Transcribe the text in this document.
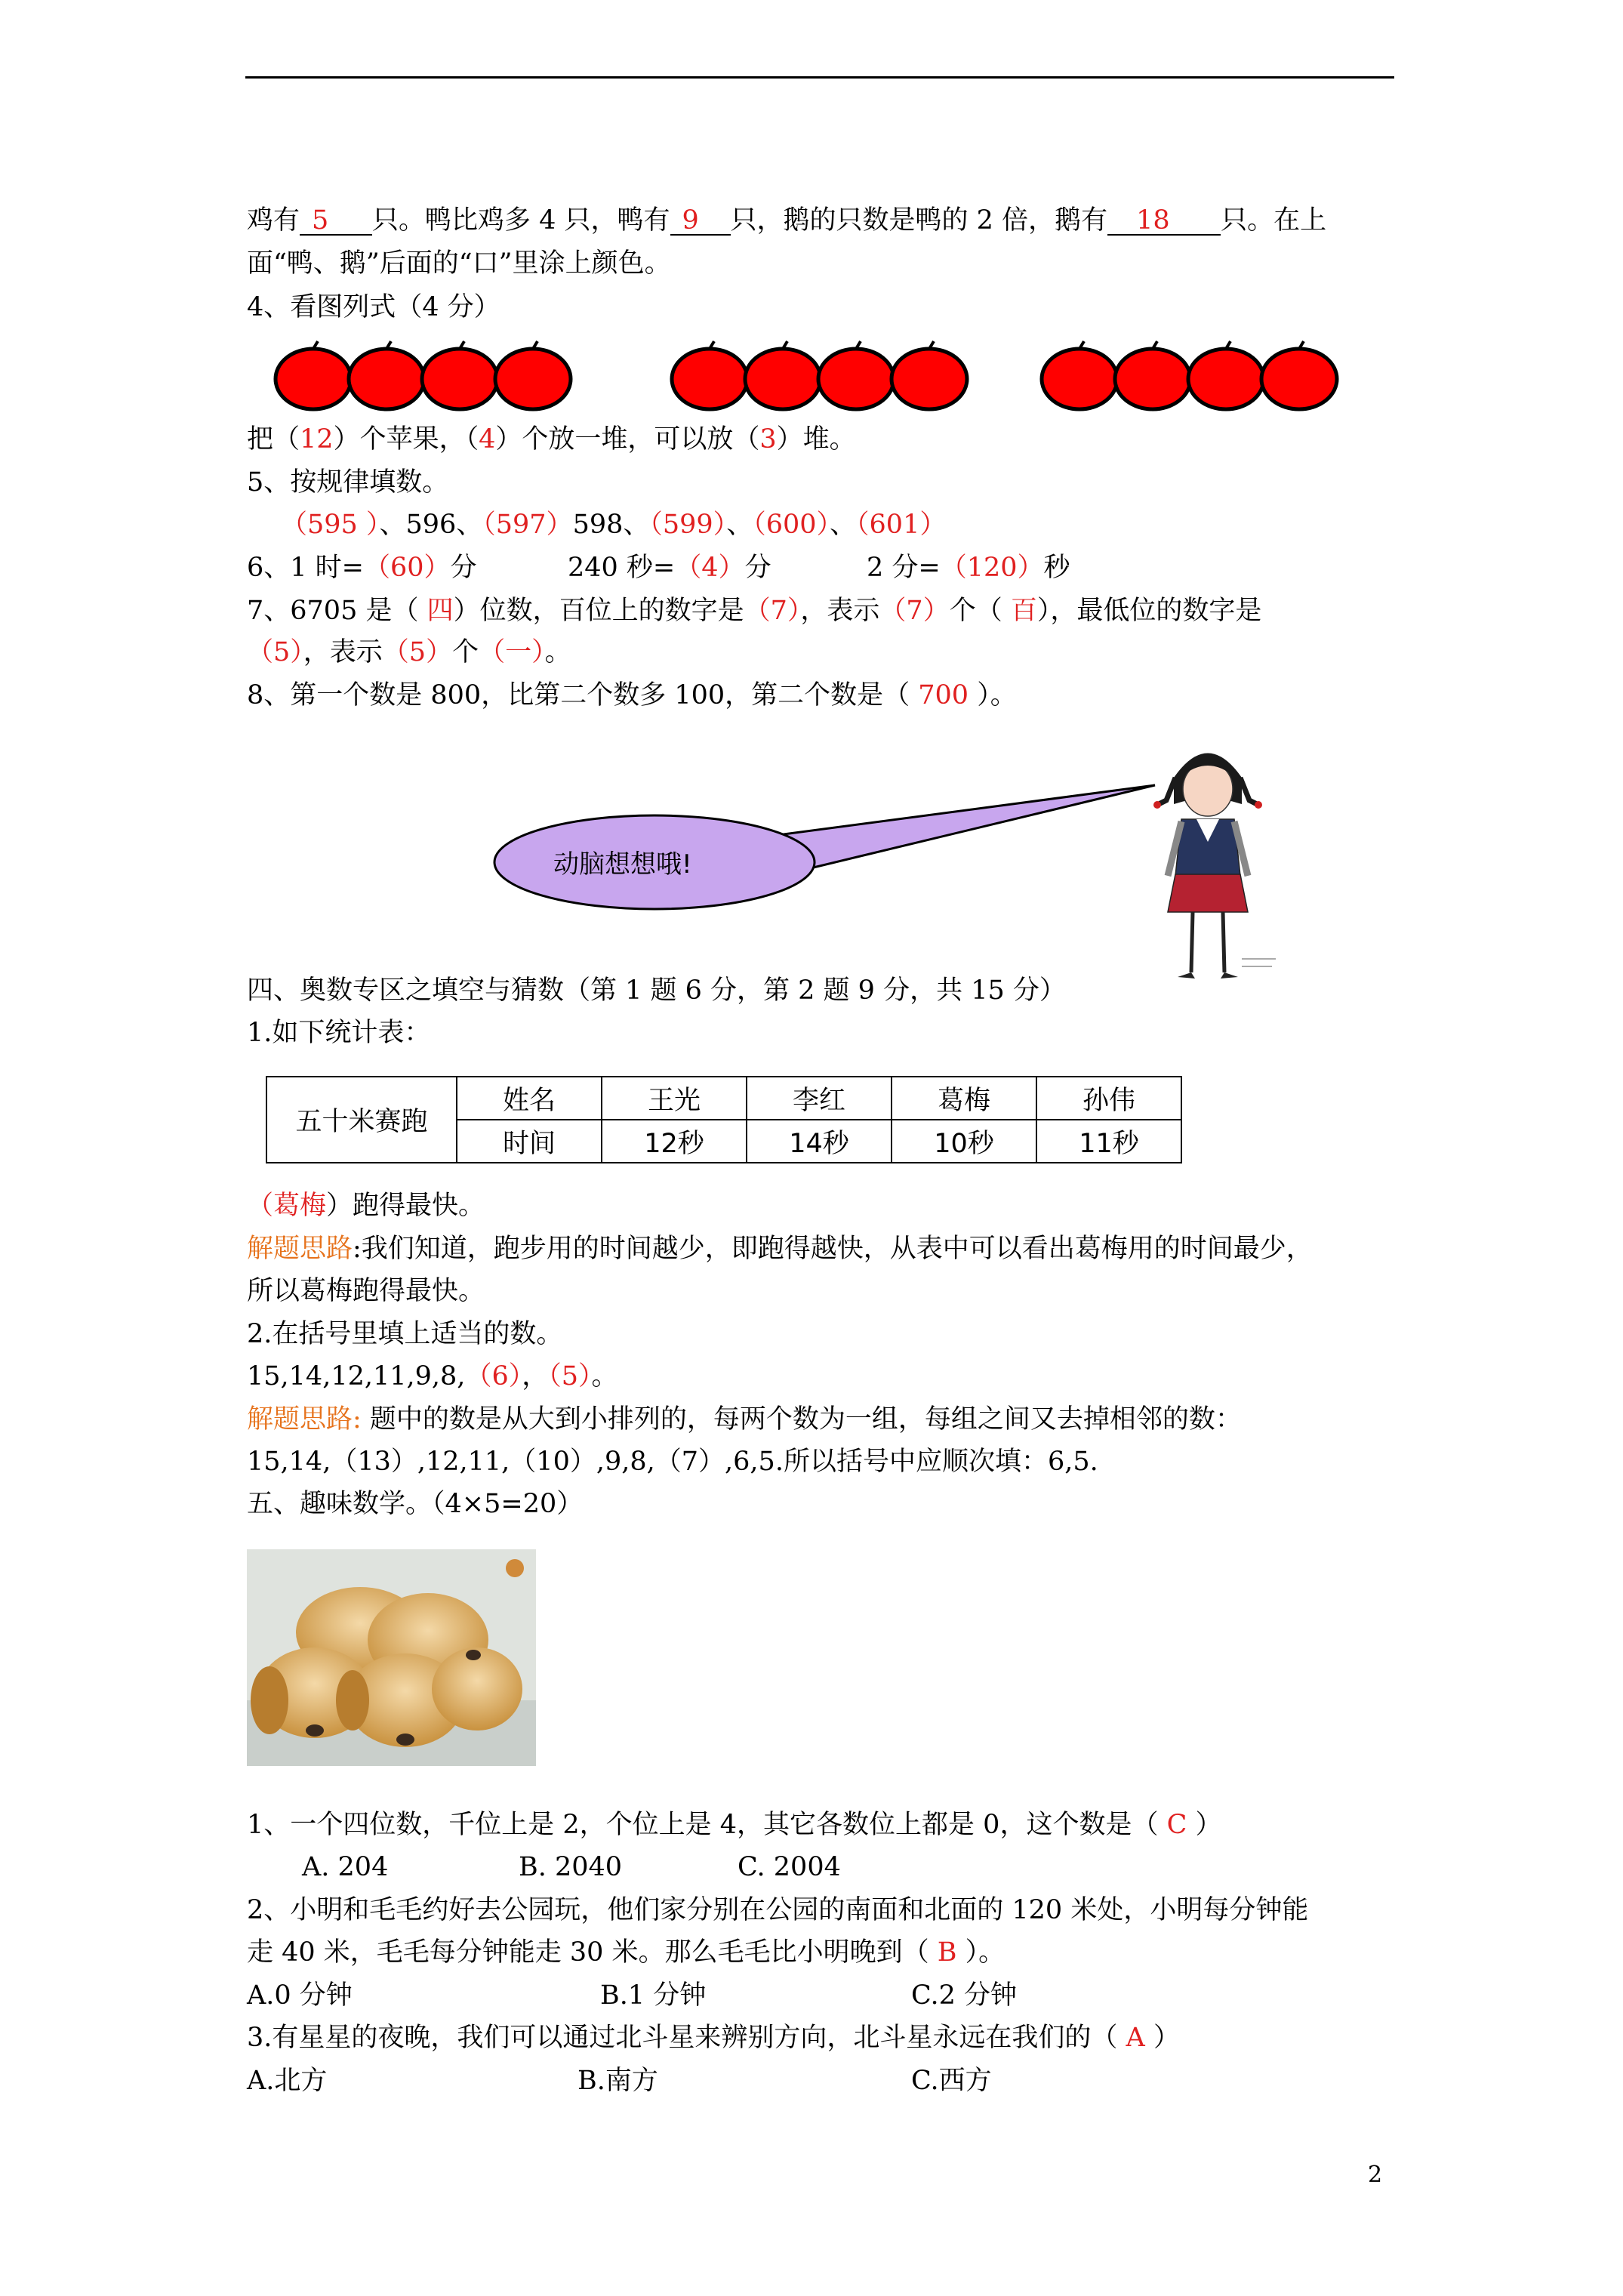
鸡有 5 只。鸭比鸡多 4 只，鸭有 9 只，鹅的只数是鸭的 2 倍，鹅有 18 只。在上
面“鸭、鹅”后面的“口”里涂上颜色。
4、看图列式（4 分）
把（12）个苹果，（4）个放一堆，可以放（3）堆。
5、按规律填数。
（595 ）、596、（597）598、（599）、（600）、（601）
6、1 时=（60）分	240 秒=（4）分	2 分=（120）秒
7、6705 是（ 四）位数，百位上的数字是（7），表示（7）个（ 百），最低位的数字是
（5），表示（5）个（一）。
8、第一个数是 800，比第二个数多 100，第二个数是（ 700 ）。
动脑想想哦!
四、奥数专区之填空与猜数（第 1 题 6 分，第 2 题 9 分，共 15 分）
1.如下统计表：
五十米赛跑	姓名	王光	李红	葛梅	孙伟
	时间	12秒	14秒	10秒	11秒
（葛梅）跑得最快。
解题思路:我们知道，跑步用的时间越少，即跑得越快，从表中可以看出葛梅用的时间最少，
所以葛梅跑得最快。
2.在括号里填上适当的数。
15,14,12,11,9,8,（6），（5）。
解题思路: 题中的数是从大到小排列的，每两个数为一组，每组之间又去掉相邻的数：
15,14,（13）,12,11,（10）,9,8,（7）,6,5.所以括号中应顺次填：6,5.
五、趣味数学。（4×5=20）
1、一个四位数，千位上是 2，个位上是 4，其它各数位上都是 0，这个数是（ C ）
A. 204	B. 2040	C. 2004
2、小明和毛毛约好去公园玩，他们家分别在公园的南面和北面的 120 米处，小明每分钟能
走 40 米，毛毛每分钟能走 30 米。那么毛毛比小明晚到（ B ）。
A.0 分钟	B.1 分钟	C.2 分钟
3.有星星的夜晚，我们可以通过北斗星来辨别方向，北斗星永远在我们的（ A ）
A.北方	B.南方	C.西方
2
